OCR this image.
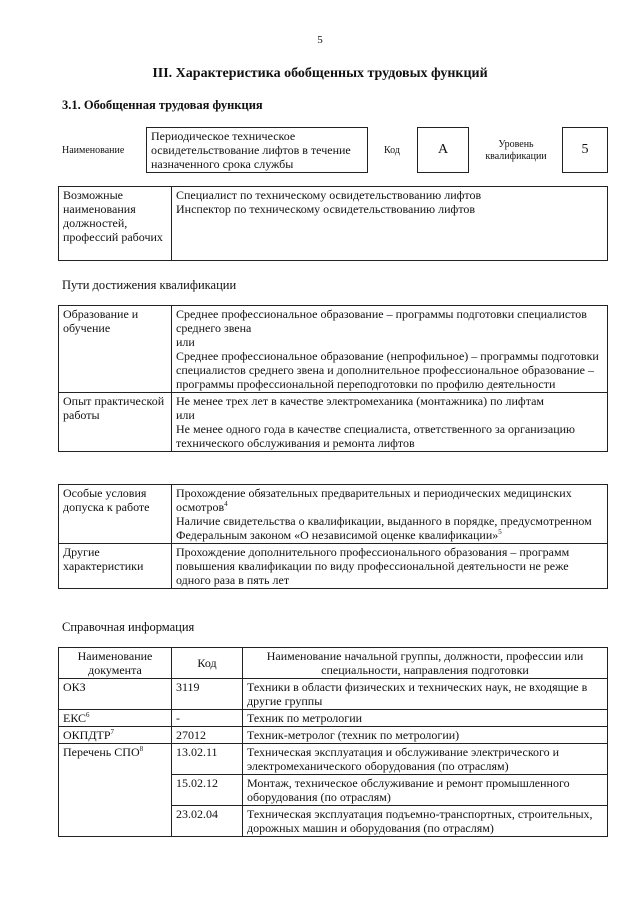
5
III. Характеристика обобщенных трудовых функций
3.1. Обобщенная трудовая функция
Наименование
Периодическое техническое освидетельствование лифтов в течение назначенного срока службы
Код	А	Уровень квалификации	5
Возможные наименования должностей, профессий рабочих	

Специалист по техническому освидетельствованию лифтов

Инспектор по техническому освидетельствованию лифтов

Пути достижения квалификации
Образование и обучение	Среднее профессиональное образование – программы подготовки специалистов среднего звена

или

Среднее профессиональное образование (непрофильное) – программы подготовки специалистов среднего звена и дополнительное профессиональное образование – программы профессиональной переподготовки по профилю деятельности

Опыт практической работы	Не менее трех лет в качестве электромеханика (монтажника) по лифтам

или

Не менее одного года в качестве специалиста, ответственного за организацию технического обслуживания и ремонта лифтов

Особые условия допуска к работе	Прохождение обязательных предварительных и периодических медицинских осмотров$^4$

Наличие свидетельства о квалификации, выданного в порядке, предусмотренном Федеральным законом «О независимой оценке квалификации»$^5$

Другие характеристики	Прохождение дополнительного профессионального образования – программ повышения квалификации по виду профессиональной деятельности не реже одного раза в пять лет
Справочная информация
Наименование документа	Код	Наименование начальной группы, должности, профессии или специальности, направления подготовки
ОКЗ	3119	Техники в области физических и технических наук, не входящие в другие группы
ЕКС$^6$	-	Техник по метрологии
ОКПДТР$^7$	27012	Техник-метролог (техник по метрологии)
Перечень СПО$^8$	13.02.11	Техническая эксплуатация и обслуживание электрического и электромеханического оборудования (по отраслям)
	15.02.12	Монтаж, техническое обслуживание и ремонт промышленного оборудования (по отраслям)
	23.02.04	Техническая эксплуатация подъемно-транспортных, строительных, дорожных машин и оборудования (по отраслям)
